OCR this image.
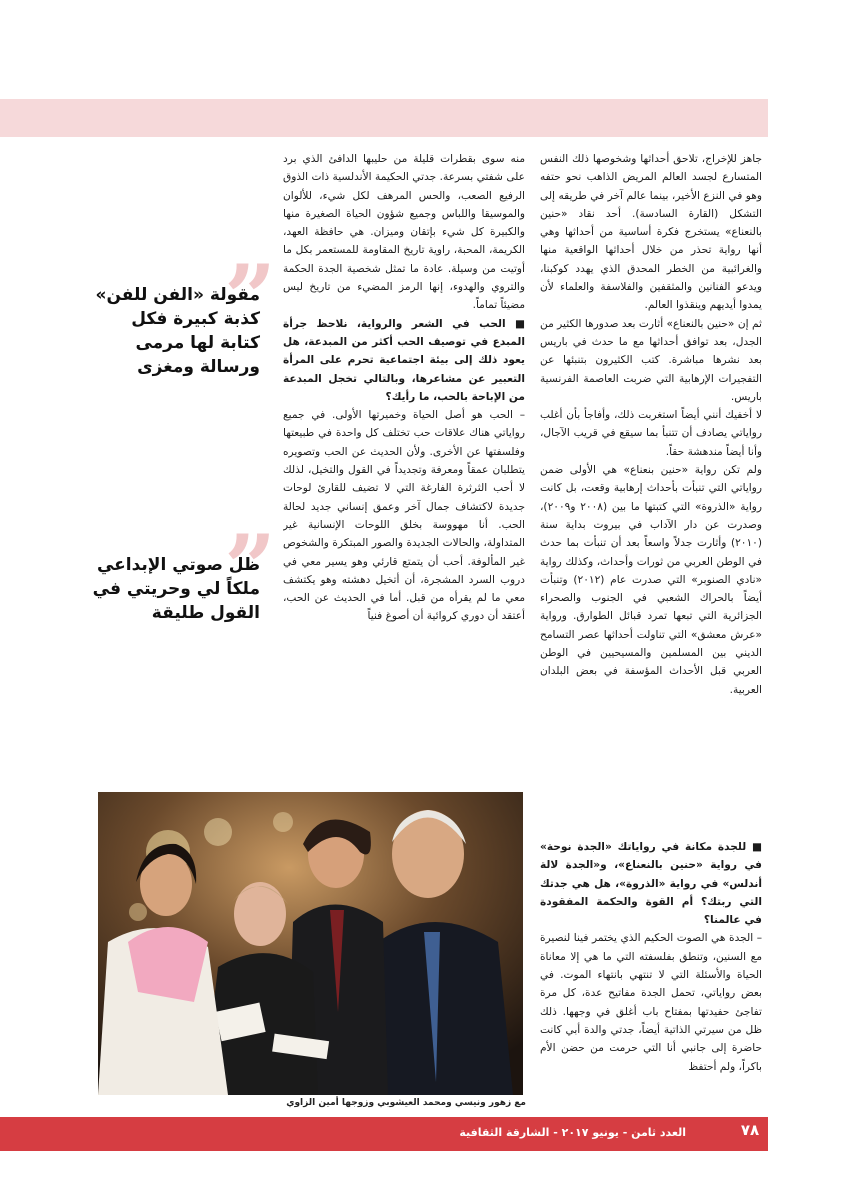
جاهز للإخراج، تلاحق أحداثها وشخوصها ذلك النفس المتسارع لجسد العالم المريض الذاهب نحو حتفه وهو في النزع الأخير، بينما عالم آخر في طريقه إلى التشكل (القارة السادسة). أحد نقاد «حنين بالنعناع» يستخرج فكرة أساسية من أحداثها وهي أنها رواية تحذر من خلال أحداثها الواقعية منها والغرائبية من الخطر المحدق الذي يهدد كوكبنا، ويدعو الفنانين والمثقفين والفلاسفة والعلماء لأن يمدوا أيديهم وينقذوا العالم.

ثم إن «حنين بالنعناع» أثارت بعد صدورها الكثير من الجدل، بعد توافق أحداثها مع ما حدث في باريس بعد نشرها مباشرة. كتب الكثيرون بتنبئها عن التفجيرات الإرهابية التي ضربت العاصمة الفرنسية باريس.

لا أخفيك أنني أيضاً استغربت ذلك، وأفاجأ بأن أغلب رواياتي يصادف أن تتنبأ بما سيقع في قريب الآجال، وأنا أيضاً مندهشة حقاً.

ولم تكن رواية «حنين بنعناع» هي الأولى ضمن رواياتي التي تنبأت بأحداث إرهابية وقعت، بل كانت رواية «الذروة» التي كتبتها ما بين (٢٠٠٨ و٢٠٠٩)، وصدرت عن دار الآداب في بيروت بداية سنة (٢٠١٠) وأثارت جدلاً واسعاً بعد أن تنبأت بما حدث في الوطن العربي من ثورات وأحداث، وكذلك رواية «نادي الصنوبر» التي صدرت عام (٢٠١٢) وتنبأت أيضاً بالحراك الشعبي في الجنوب والصحراء الجزائرية التي تبعها تمرد قبائل الطوارق. ورواية «عرش معشق» التي تناولت أحداثها عصر التسامح الديني بين المسلمين والمسيحيين في الوطن العربي قبل الأحداث المؤسفة في بعض البلدان العربية.

منه سوى بقطرات قليلة من حليبها الدافئ الذي برد على شفتي بسرعة. جدتي الحكيمة الأندلسية ذات الذوق الرفيع الصعب، والحس المرهف لكل شيء، للألوان والموسيقا واللباس وجميع شؤون الحياة الصغيرة منها والكبيرة كل شيء بإتقان وميزان. هي حافظة العهد، الكريمة، المحبة، راوية تاريخ المقاومة للمستعمر بكل ما أوتيت من وسيلة. عادة ما تمثل شخصية الجدة الحكمة والتروي والهدوء، إنها الرمز المضيء من تاريخ ليس مضيئاً تماماً.

■ الحب في الشعر والرواية، نلاحظ جرأة المبدع في توصيف الحب أكثر من المبدعة، هل يعود ذلك إلى بيئة اجتماعية تحرم على المرأة التعبير عن مشاعرها، وبالتالي تخجل المبدعة من الإباحة بالحب، ما رأيك؟

– الحب هو أصل الحياة وخميرتها الأولى. في جميع رواياتي هناك علاقات حب تختلف كل واحدة في طبيعتها وفلسفتها عن الأخرى. ولأن الحديث عن الحب وتصويره يتطلبان عمقاً ومعرفة وتجديداً في القول والتخيل، لذلك لا أحب الثرثرة الفارغة التي لا تضيف للقارئ لوحات جديدة لاكتشاف جمال آخر وعمق إنساني جديد لحالة الحب. أنا مهووسة بخلق اللوحات الإنسانية غير المتداولة، والحالات الجديدة والصور المبتكرة والشخوص غير المألوفة. أحب أن يتمتع قارئي وهو يسير معي في دروب السرد المشجرة، أن أتخيل دهشته وهو يكتشف معي ما لم يقرأه من قبل. أما في الحديث عن الحب، أعتقد أن دوري كروائية أن أصوغ فنياً

■ للجدة مكانة في رواياتك «الجدة نوحة» في رواية «حنين بالنعناع»، و«الجدة لالة أندلس» في رواية «الذروة»، هل هي جدتك التي ربتك؟ أم القوة والحكمة المفقودة في عالمنا؟

– الجدة هي الصوت الحكيم الذي يختمر فينا لنصيرة مع السنين، وتنطق بفلسفته التي ما هي إلا معاناة الحياة والأسئلة التي لا تنتهي بانتهاء الموت. في بعض رواياتي، تحمل الجدة مفاتيح عدة، كل مرة تفاجئ حفيدتها بمفتاح باب أغلق في وجهها. ذلك ظل من سيرتي الذاتية أيضاً، جدتي والدة أبي كانت حاضرة إلى جانبي أنا التي حرمت من حضن الأم باكراً، ولم أحتفظ

”
مقولة «الفن للفن» كذبة كبيرة فكل كتابة لها مرمى ورسالة ومغزى
”
ظل صوتي الإبداعي ملكاً لي وحريتي في القول طليقة
مع زهور ونيسي ومحمد العيشوبي وزوجها أمين الزاوي
العدد ثامن - يونيو ٢٠١٧ - الشارقة الثقافية	٧٨
